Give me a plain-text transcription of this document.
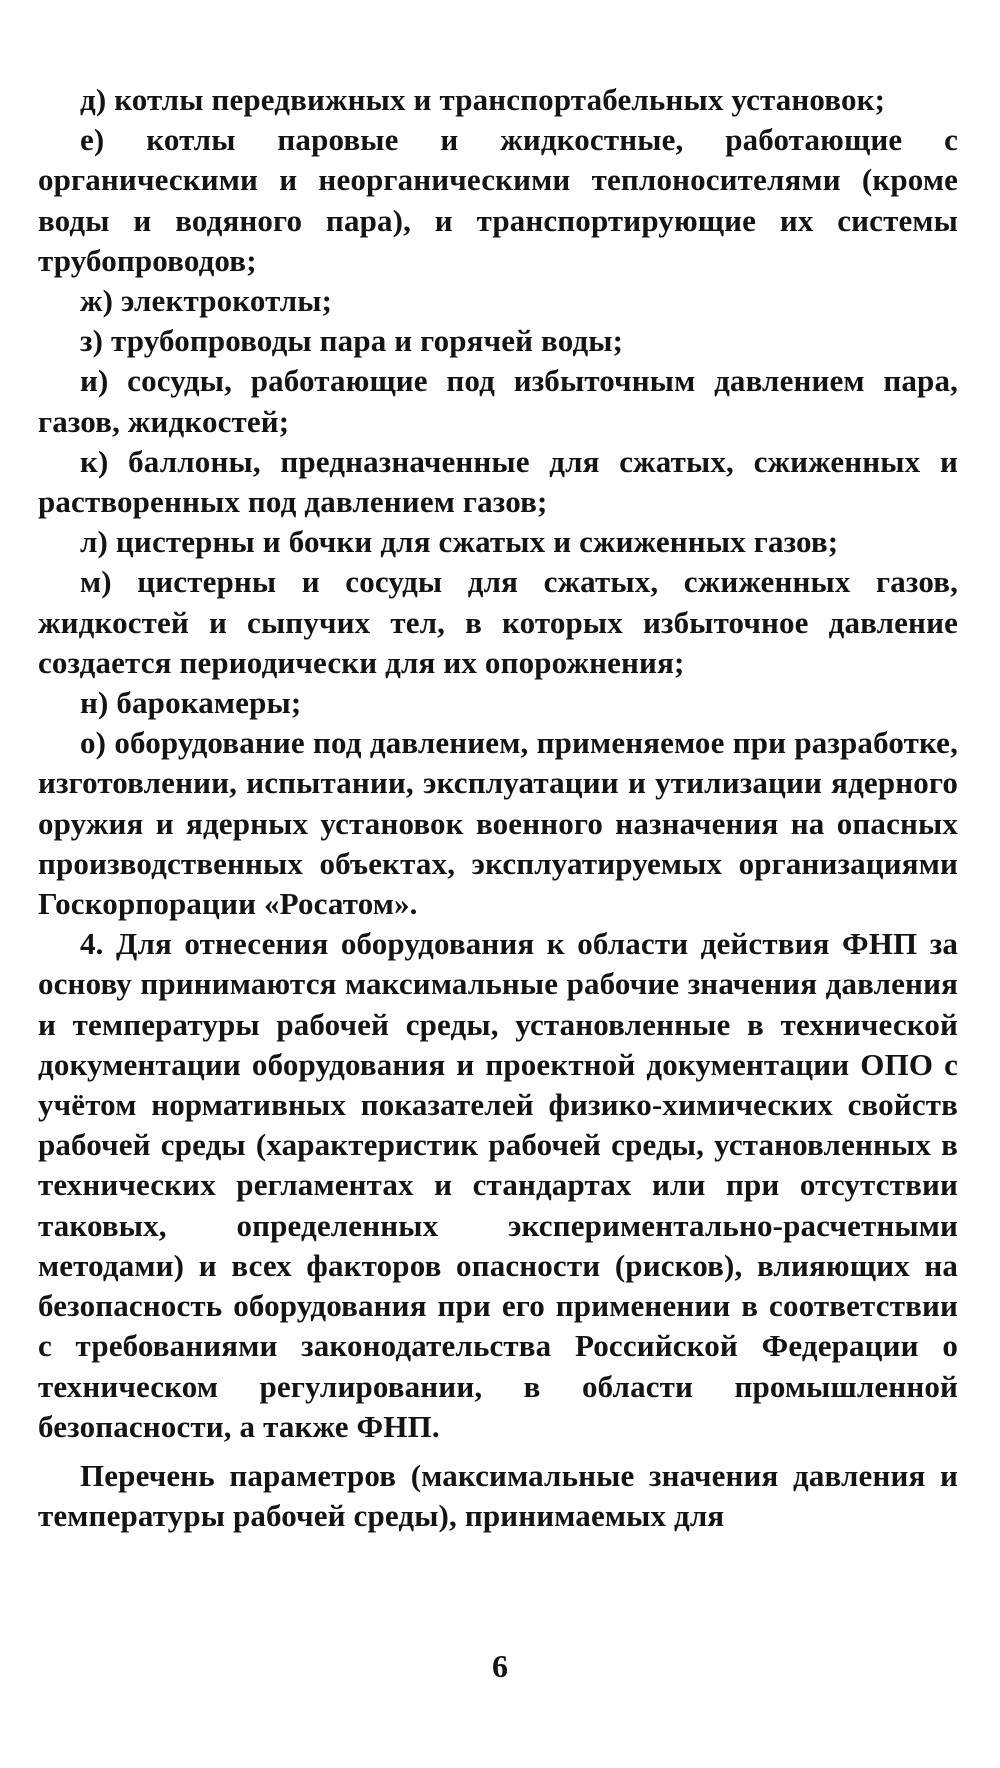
д) котлы передвижных и транспортабельных установок;

е) котлы паровые и жидкостные, работающие с органическими и неорганическими теплоносителями (кроме воды и водяного пара), и транспортирующие их системы трубопроводов;

ж) электрокотлы;

з) трубопроводы пара и горячей воды;

и) сосуды, работающие под избыточным давлением пара, газов, жидкостей;

к) баллоны, предназначенные для сжатых, сжиженных и растворенных под давлением газов;

л) цистерны и бочки для сжатых и сжиженных газов;

м) цистерны и сосуды для сжатых, сжиженных газов, жидкостей и сыпучих тел, в которых избыточное давление создается периодически для их опорожнения;

н) барокамеры;

о) оборудование под давлением, применяемое при разработке, изготовлении, испытании, эксплуатации и утилизации ядерного оружия и ядерных установок военного назначения на опасных производственных объектах, эксплуатируемых организациями Госкорпорации «Росатом».

4. Для отнесения оборудования к области действия ФНП за основу принимаются максимальные рабочие значения давления и температуры рабочей среды, установленные в технической документации оборудования и проектной документации ОПО с учётом нормативных показателей физико-химических свойств рабочей среды (характеристик рабочей среды, установленных в технических регламентах и стандартах или при отсутствии таковых, определенных экспериментально-расчетными методами) и всех факторов опасности (рисков), влияющих на безопасность оборудования при его применении в соответствии с требованиями законодательства Российской Федерации о техническом регулировании, в области промышленной безопасности, а также ФНП.

Перечень параметров (максимальные значения давления и температуры рабочей среды), принимаемых для

6
